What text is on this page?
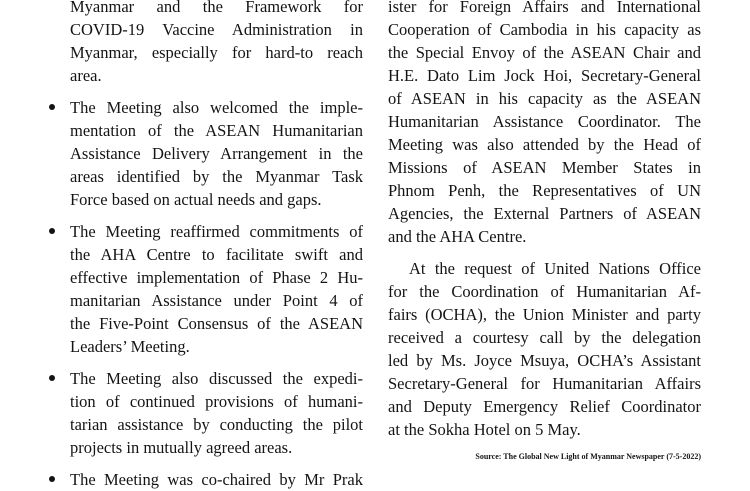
Myanmar and the Framework for
COVID-19 Vaccine Administration in
Myanmar, especially for hard-to reach
area.
The Meeting also welcomed the imple-
mentation of the ASEAN Humanitarian
Assistance Delivery Arrangement in the
areas identified by the Myanmar Task
Force based on actual needs and gaps.
The Meeting reaffirmed commitments of
the AHA Centre to facilitate swift and
effective implementation of Phase 2 Hu-
manitarian Assistance under Point 4 of
the Five-Point Consensus of the ASEAN
Leaders’ Meeting.
The Meeting also discussed the expedi-
tion of continued provisions of humani-
tarian assistance by conducting the pilot
projects in mutually agreed areas.
The Meeting was co-chaired by Mr Prak
ister for Foreign Affairs and International
Cooperation of Cambodia in his capacity as
the Special Envoy of the ASEAN Chair and
H.E. Dato Lim Jock Hoi, Secretary-General
of ASEAN in his capacity as the ASEAN
Humanitarian Assistance Coordinator. The
Meeting was also attended by the Head of
Missions of ASEAN Member States in
Phnom Penh, the Representatives of UN
Agencies, the External Partners of ASEAN
and the AHA Centre.
At the request of United Nations Office
for the Coordination of Humanitarian Af-
fairs (OCHA), the Union Minister and party
received a courtesy call by the delegation
led by Ms. Joyce Msuya, OCHA’s Assistant
Secretary-General for Humanitarian Affairs
and Deputy Emergency Relief Coordinator
at the Sokha Hotel on 5 May.
Source: The Global New Light of Myanmar Newspaper (7-5-2022)
